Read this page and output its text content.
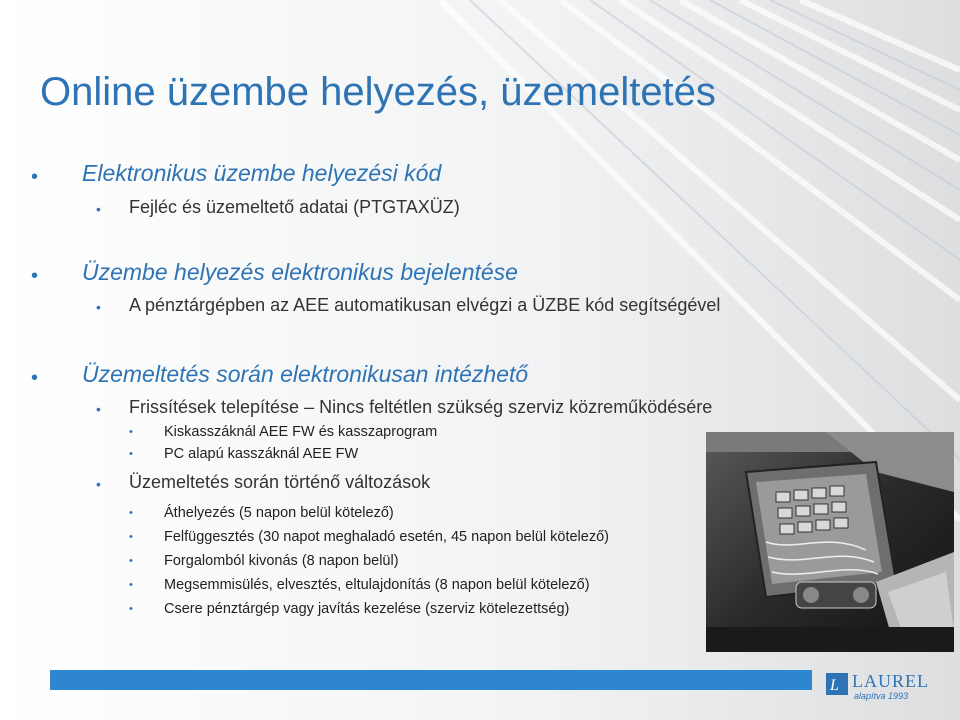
Online üzembe helyezés, üzemeltetés
• Elektronikus üzembe helyezési kód
• Fejléc és üzemeltető adatai (PTGTAXÜZ)
• Üzembe helyezés elektronikus bejelentése
• A pénztárgépben az AEE automatikusan elvégzi a ÜZBE kód segítségével
• Üzemeltetés során elektronikusan intézhető
• Frissítések telepítése – Nincs feltétlen szükség szerviz közreműködésére
• Kiskasszáknál AEE FW és kasszaprogram
• PC alapú kasszáknál AEE FW
• Üzemeltetés során történő változások
• Áthelyezés (5 napon belül kötelező)
• Felfüggesztés (30 napot meghaladó esetén, 45 napon belül kötelező)
• Forgalomból kivonás (8 napon belül)
• Megsemmisülés, elvesztés, eltulajdonítás (8 napon belül kötelező)
• Csere pénztárgép vagy javítás kezelése (szerviz kötelezettség)
L LAUREL
alapítva 1993
